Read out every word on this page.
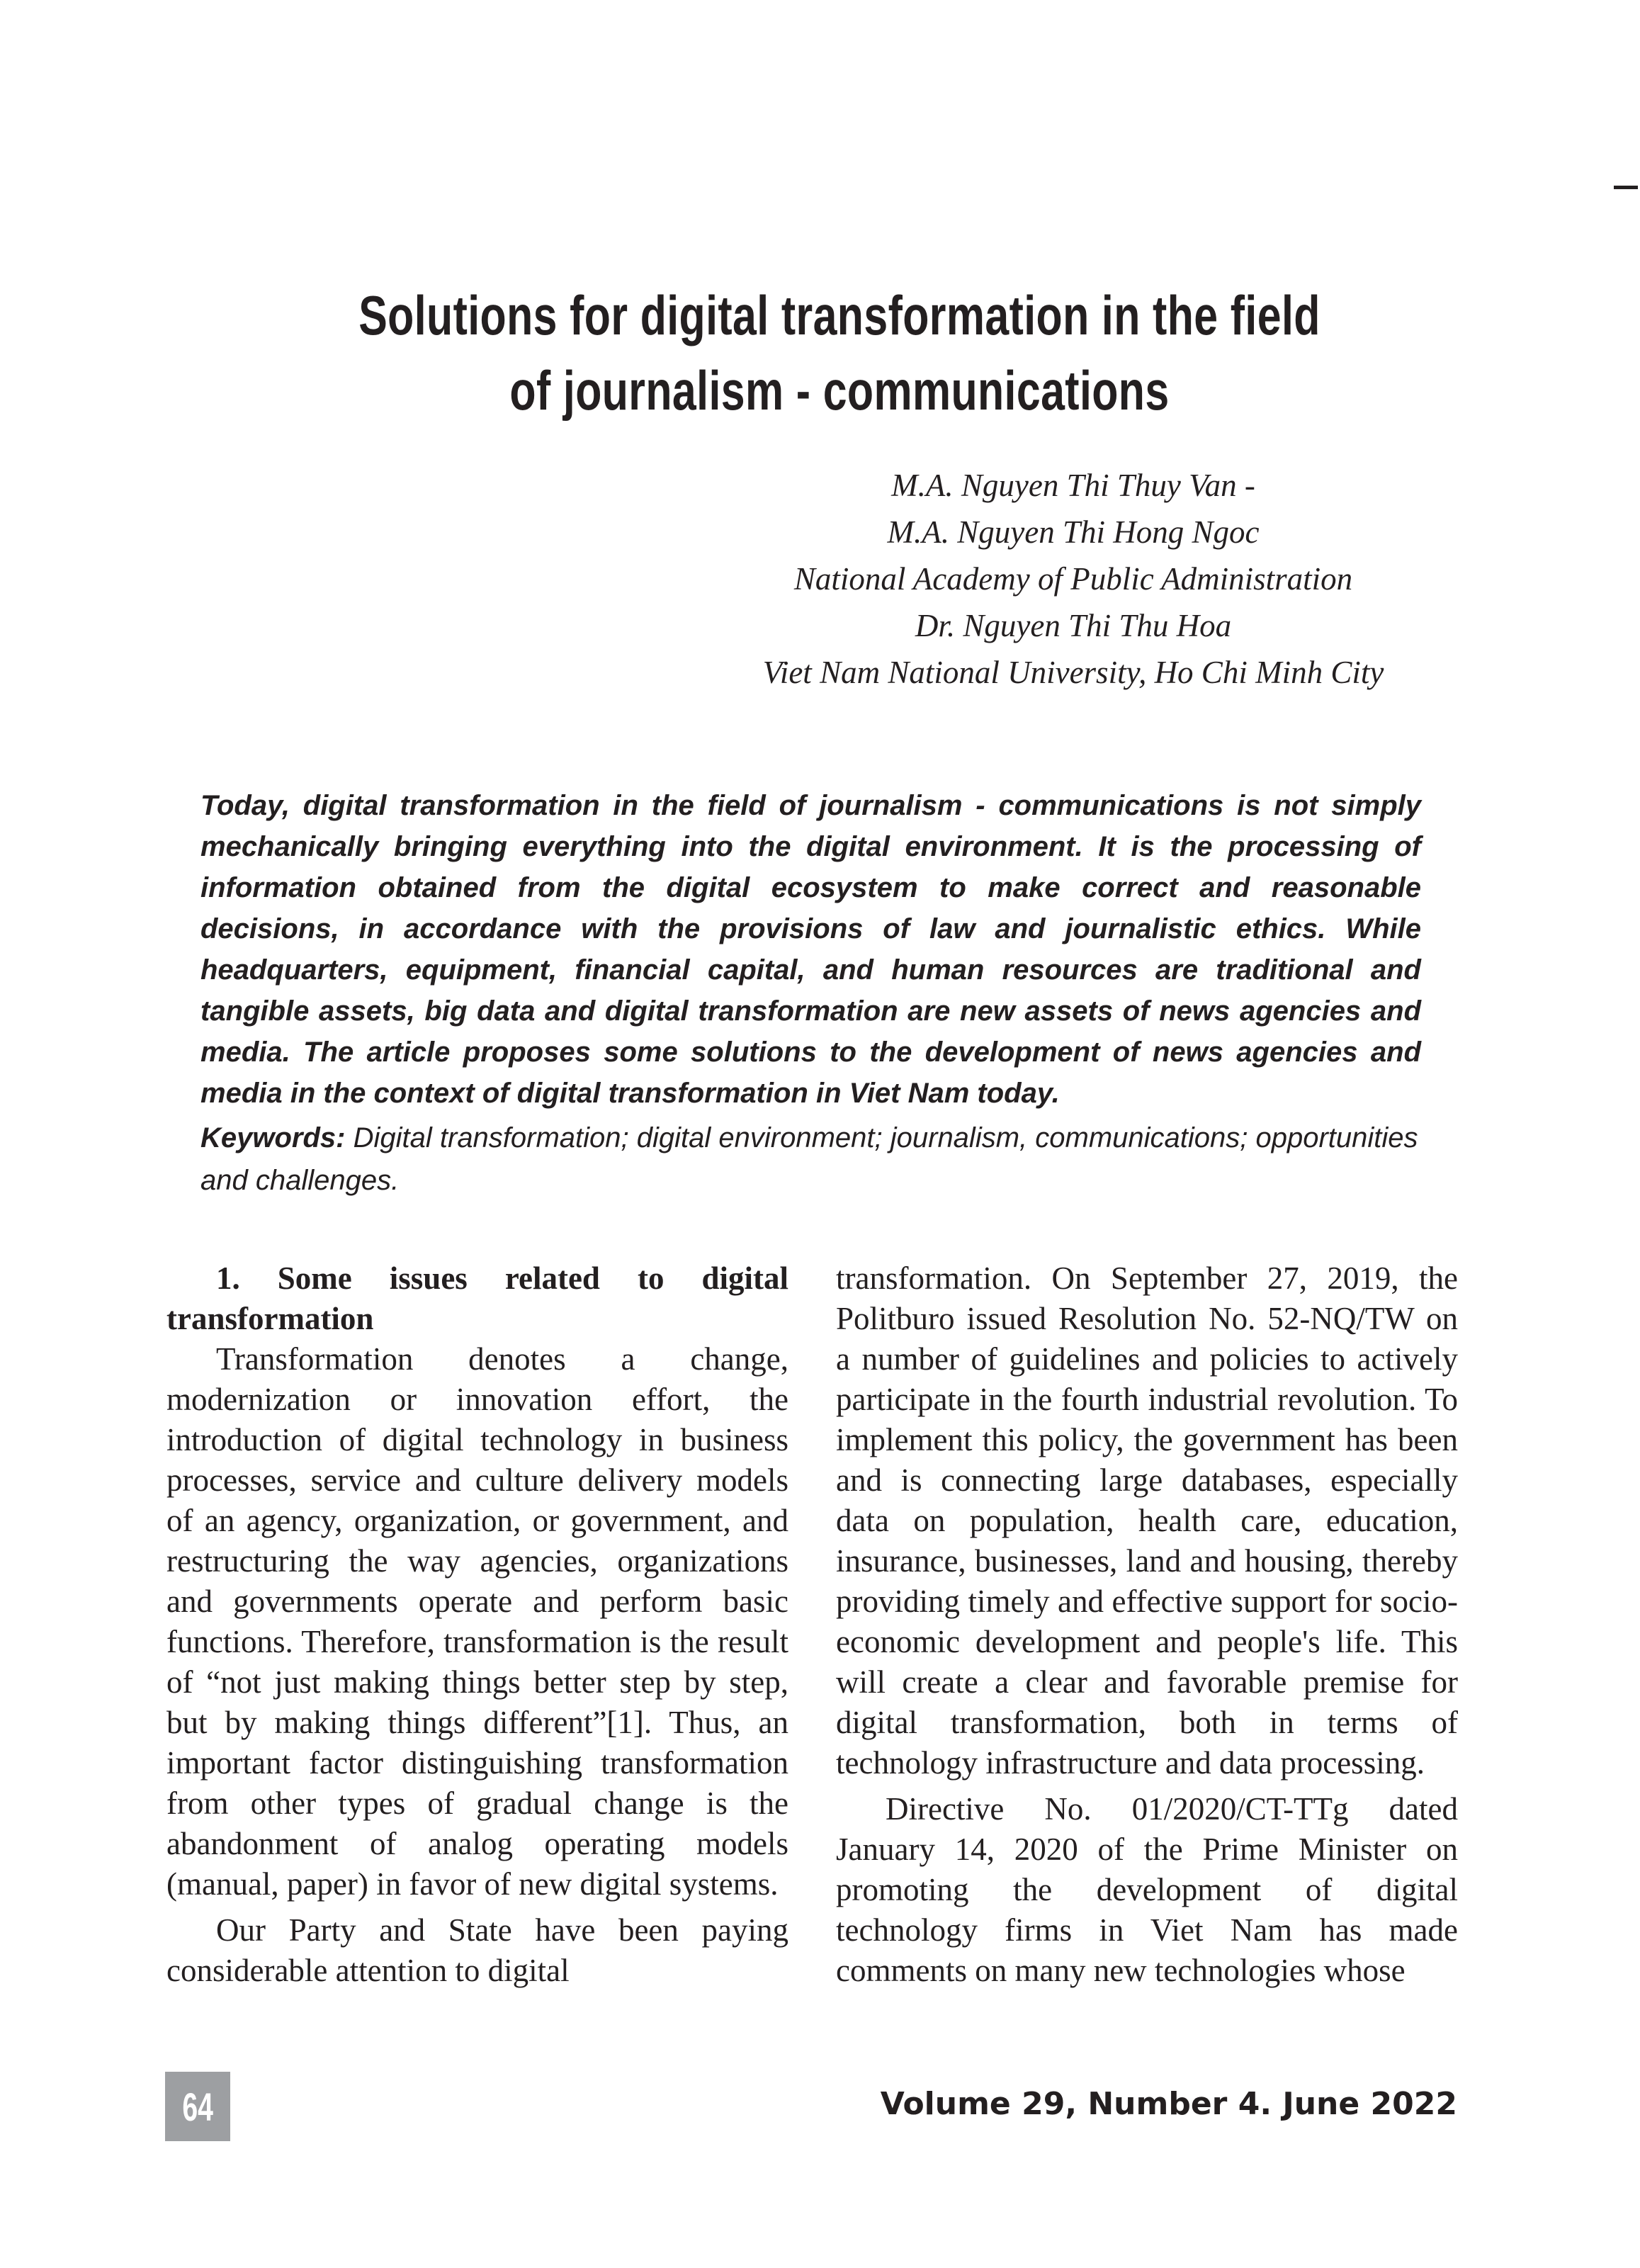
Solutions for digital transformation in the field
of journalism - communications
M.A. Nguyen Thi Thuy Van -
M.A. Nguyen Thi Hong Ngoc
National Academy of Public Administration
Dr. Nguyen Thi Thu Hoa
Viet Nam National University, Ho Chi Minh City

Today, digital transformation in the field of journalism - communications is not simply mechanically bringing everything into the digital environment. It is the processing of information obtained from the digital ecosystem to make correct and reasonable decisions, in accordance with the provisions of law and journalistic ethics. While headquarters, equipment, financial capital, and human resources are traditional and tangible assets, big data and digital transformation are new assets of news agencies and media. The article proposes some solutions to the development of news agencies and media in the context of digital transformation in Viet Nam today.

Keywords: Digital transformation; digital environment; journalism, communications; opportunities and challenges.

1. Some issues related to digital transformation

Transformation denotes a change, modernization or innovation effort, the introduction of digital technology in business processes, service and culture delivery models of an agency, organization, or government, and restructuring the way agencies, organizations and governments operate and perform basic functions. Therefore, transformation is the result of “not just making things better step by step, but by making things different”[1]. Thus, an important factor distinguishing transformation from other types of gradual change is the abandonment of analog operating models (manual, paper) in favor of new digital systems.

Our Party and State have been paying considerable attention to digital

transformation. On September 27, 2019, the Politburo issued Resolution No. 52-NQ/TW on a number of guidelines and policies to actively participate in the fourth industrial revolution. To implement this policy, the government has been and is connecting large databases, especially data on population, health care, education, insurance, businesses, land and housing, thereby providing timely and effective support for socio-economic development and people's life. This will create a clear and favorable premise for digital transformation, both in terms of technology infrastructure and data processing.

Directive No. 01/2020/CT-TTg dated January 14, 2020 of the Prime Minister on promoting the development of digital technology firms in Viet Nam has made comments on many new technologies whose

64	Volume 29, Number 4. June 2022
